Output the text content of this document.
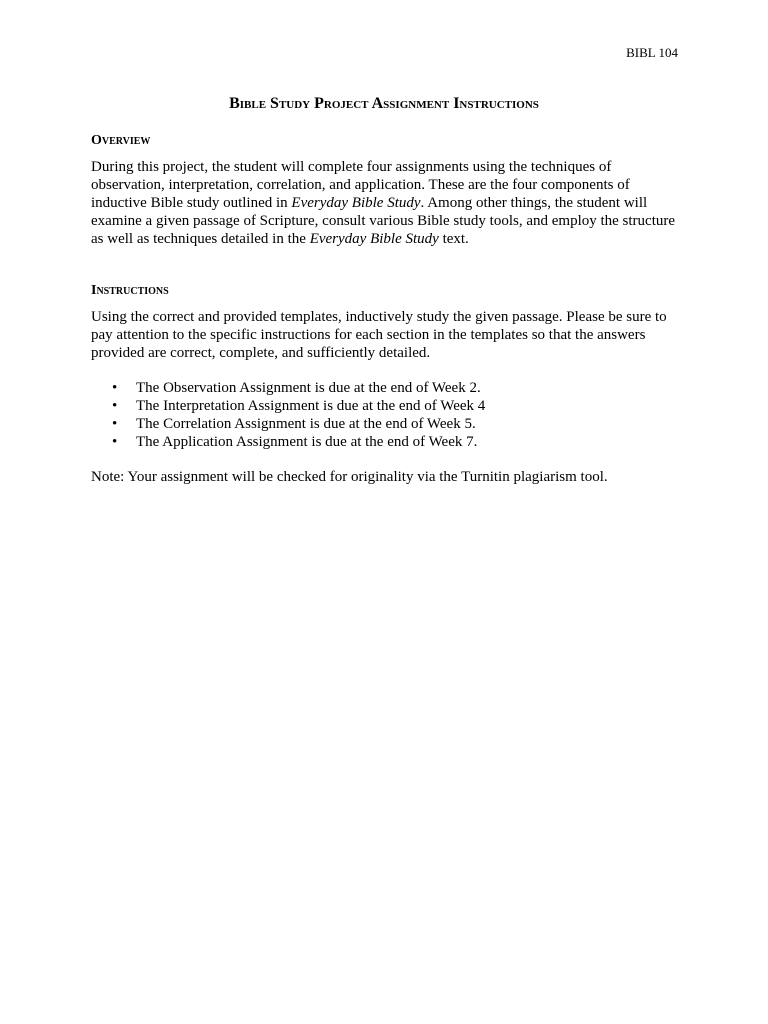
BIBL 104
Bible Study Project Assignment Instructions
Overview

During this project, the student will complete four assignments using the techniques of observation, interpretation, correlation, and application. These are the four components of inductive Bible study outlined in Everyday Bible Study. Among other things, the student will examine a given passage of Scripture, consult various Bible study tools, and employ the structure as well as techniques detailed in the Everyday Bible Study text.

Instructions

Using the correct and provided templates, inductively study the given passage. Please be sure to pay attention to the specific instructions for each section in the templates so that the answers provided are correct, complete, and sufficiently detailed.

• The Observation Assignment is due at the end of Week 2.
• The Interpretation Assignment is due at the end of Week 4
• The Correlation Assignment is due at the end of Week 5.
• The Application Assignment is due at the end of Week 7.

Note: Your assignment will be checked for originality via the Turnitin plagiarism tool.
